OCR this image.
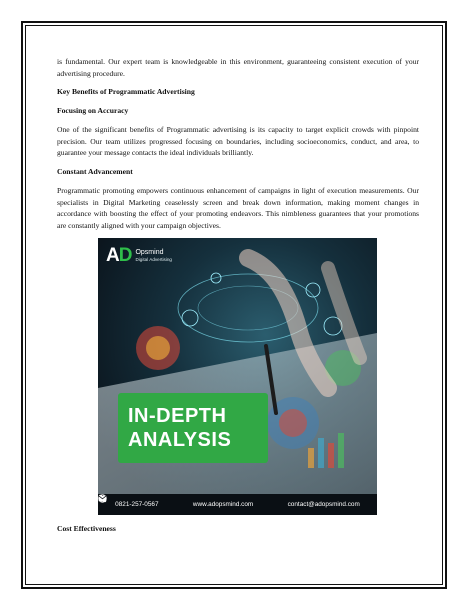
is fundamental. Our expert team is knowledgeable in this environment, guaranteeing consistent execution of your advertising procedure.

Key Benefits of Programmatic Advertising

Focusing on Accuracy

One of the significant benefits of Programmatic advertising is its capacity to target explicit crowds with pinpoint precision. Our team utilizes progressed focusing on boundaries, including socioeconomics, conduct, and area, to guarantee your message contacts the ideal individuals brilliantly.

Constant Advancement

Programmatic promoting empowers continuous enhancement of campaigns in light of execution measurements. Our specialists in Digital Marketing ceaselessly screen and break down information, making moment changes in accordance with boosting the effect of your promoting endeavors. This nimbleness guarantees that your promotions are constantly aligned with your campaign objectives.

AD Opsmind
Digital Advertising
IN-DEPTH
ANALYSIS
0821-257-0567	www.adopsmind.com	contact@adopsmind.com

Cost Effectiveness
